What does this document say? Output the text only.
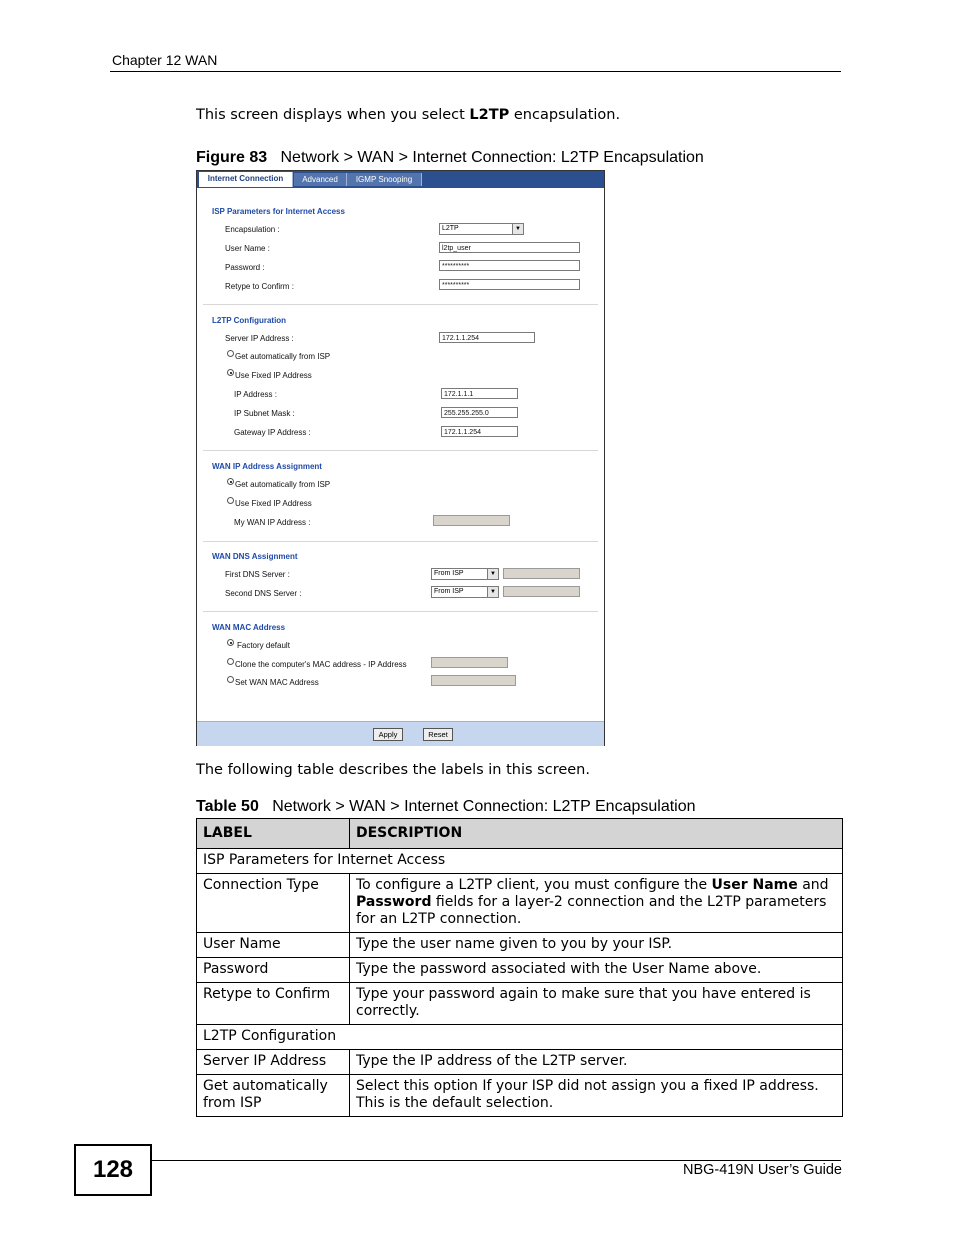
Chapter 12 WAN
This screen displays when you select L2TP encapsulation.
Figure 83 Network > WAN > Internet Connection: L2TP Encapsulation
Internet Connection	Advanced	IGMP Snooping
ISP Parameters for Internet Access
Encapsulation :	L2TP	▼
User Name :	l2tp_user
Password :	**********
Retype to Confirm :	**********
L2TP Configuration
Server IP Address :	172.1.1.254
Get automatically from ISP
Use Fixed IP Address
IP Address :	172.1.1.1
IP Subnet Mask :	255.255.255.0
Gateway IP Address :	172.1.1.254
WAN IP Address Assignment
Get automatically from ISP
Use Fixed IP Address
My WAN IP Address :
WAN DNS Assignment
First DNS Server :	From ISP	▼
Second DNS Server :	From ISP	▼
WAN MAC Address
Factory default
Clone the computer's MAC address - IP Address
Set WAN MAC Address
Apply	Reset
The following table describes the labels in this screen.
Table 50 Network > WAN > Internet Connection: L2TP Encapsulation
LABEL	DESCRIPTION
ISP Parameters for Internet Access	
Connection Type	To configure a L2TP client, you must configure the User Name and Password fields for a layer-2 connection and the L2TP parameters for an L2TP connection.
User Name	Type the user name given to you by your ISP.
Password	Type the password associated with the User Name above.
Retype to Confirm	Type your password again to make sure that you have entered is correctly.
L2TP Configuration	
Server IP Address	Type the IP address of the L2TP server.
Get automatically from ISP	Select this option If your ISP did not assign you a fixed IP address. This is the default selection.
128	NBG-419N User’s Guide
